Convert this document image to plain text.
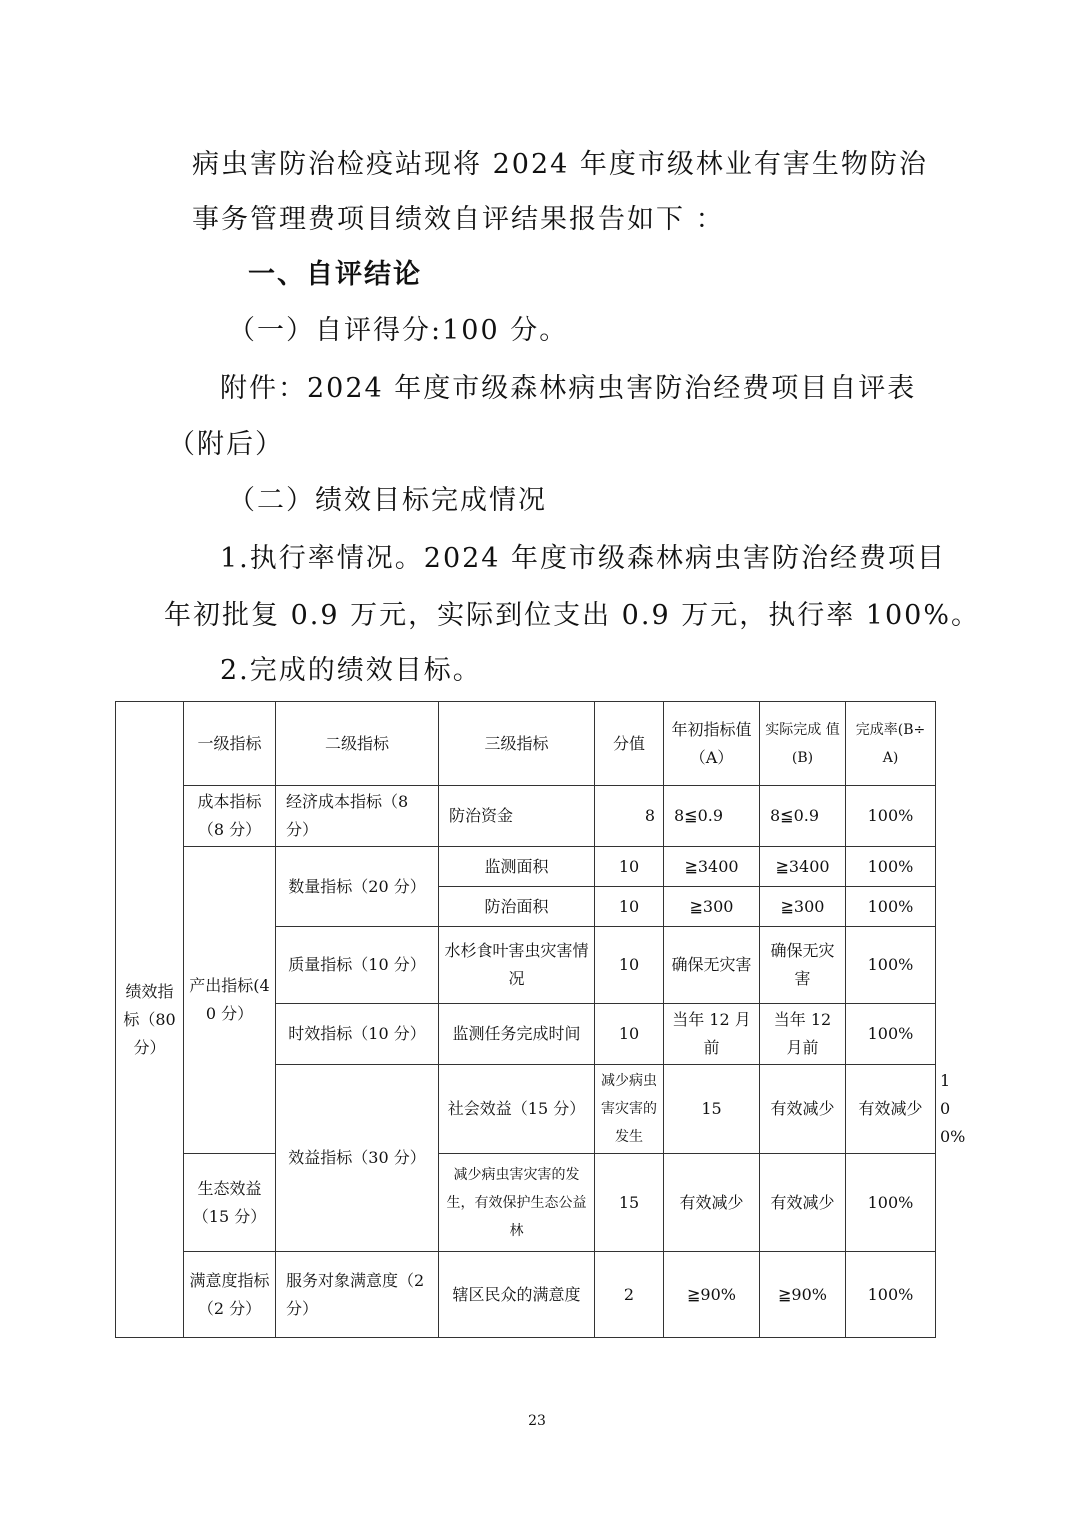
病虫害防治检疫站现将 2024 年度市级林业有害生物防治
事务管理费项目绩效自评结果报告如下 ：
一、自评结论
（一）自评得分:100 分。
附件：2024 年度市级森林病虫害防治经费项目自评表
（附后）
（二）绩效目标完成情况
1.执行率情况。2024 年度市级森林病虫害防治经费项目
年初批复 0.9 万元，实际到位支出 0.9 万元，执行率 100%。
2.完成的绩效目标。
绩效指标（80分）	一级指标	二级指标	三级指标	分值	年初指标值（A）	实际完成 值(B)	完成率(B÷A)	
	成本指标（8 分）	经济成本指标（8 分）	防治资金	8	8≦0.9	8≦0.9	100%	
	产出指标(40 分）	数量指标（20 分）	监测面积	10	≧3400	≧3400	100%	
			防治面积	10	≧300	≧300	100%	
		质量指标（10 分）	水杉食叶害虫灾害情况	10	确保无灾害	确保无灾害	100%	
		时效指标（10 分）	监测任务完成时间	10	当年 12 月前	当年 12 月前	100%	
		效益指标（30 分）	社会效益（15 分）	减少病虫害灾害的发生	15	有效减少	有效减少	100%
	生态效益（15 分）		减少病虫害灾害的发生，有效保护生态公益林	15	有效减少	有效减少	100%	
	满意度指标（2 分）	服务对象满意度（2 分）	辖区民众的满意度	2	≧90%	≧90%	100%	
23
